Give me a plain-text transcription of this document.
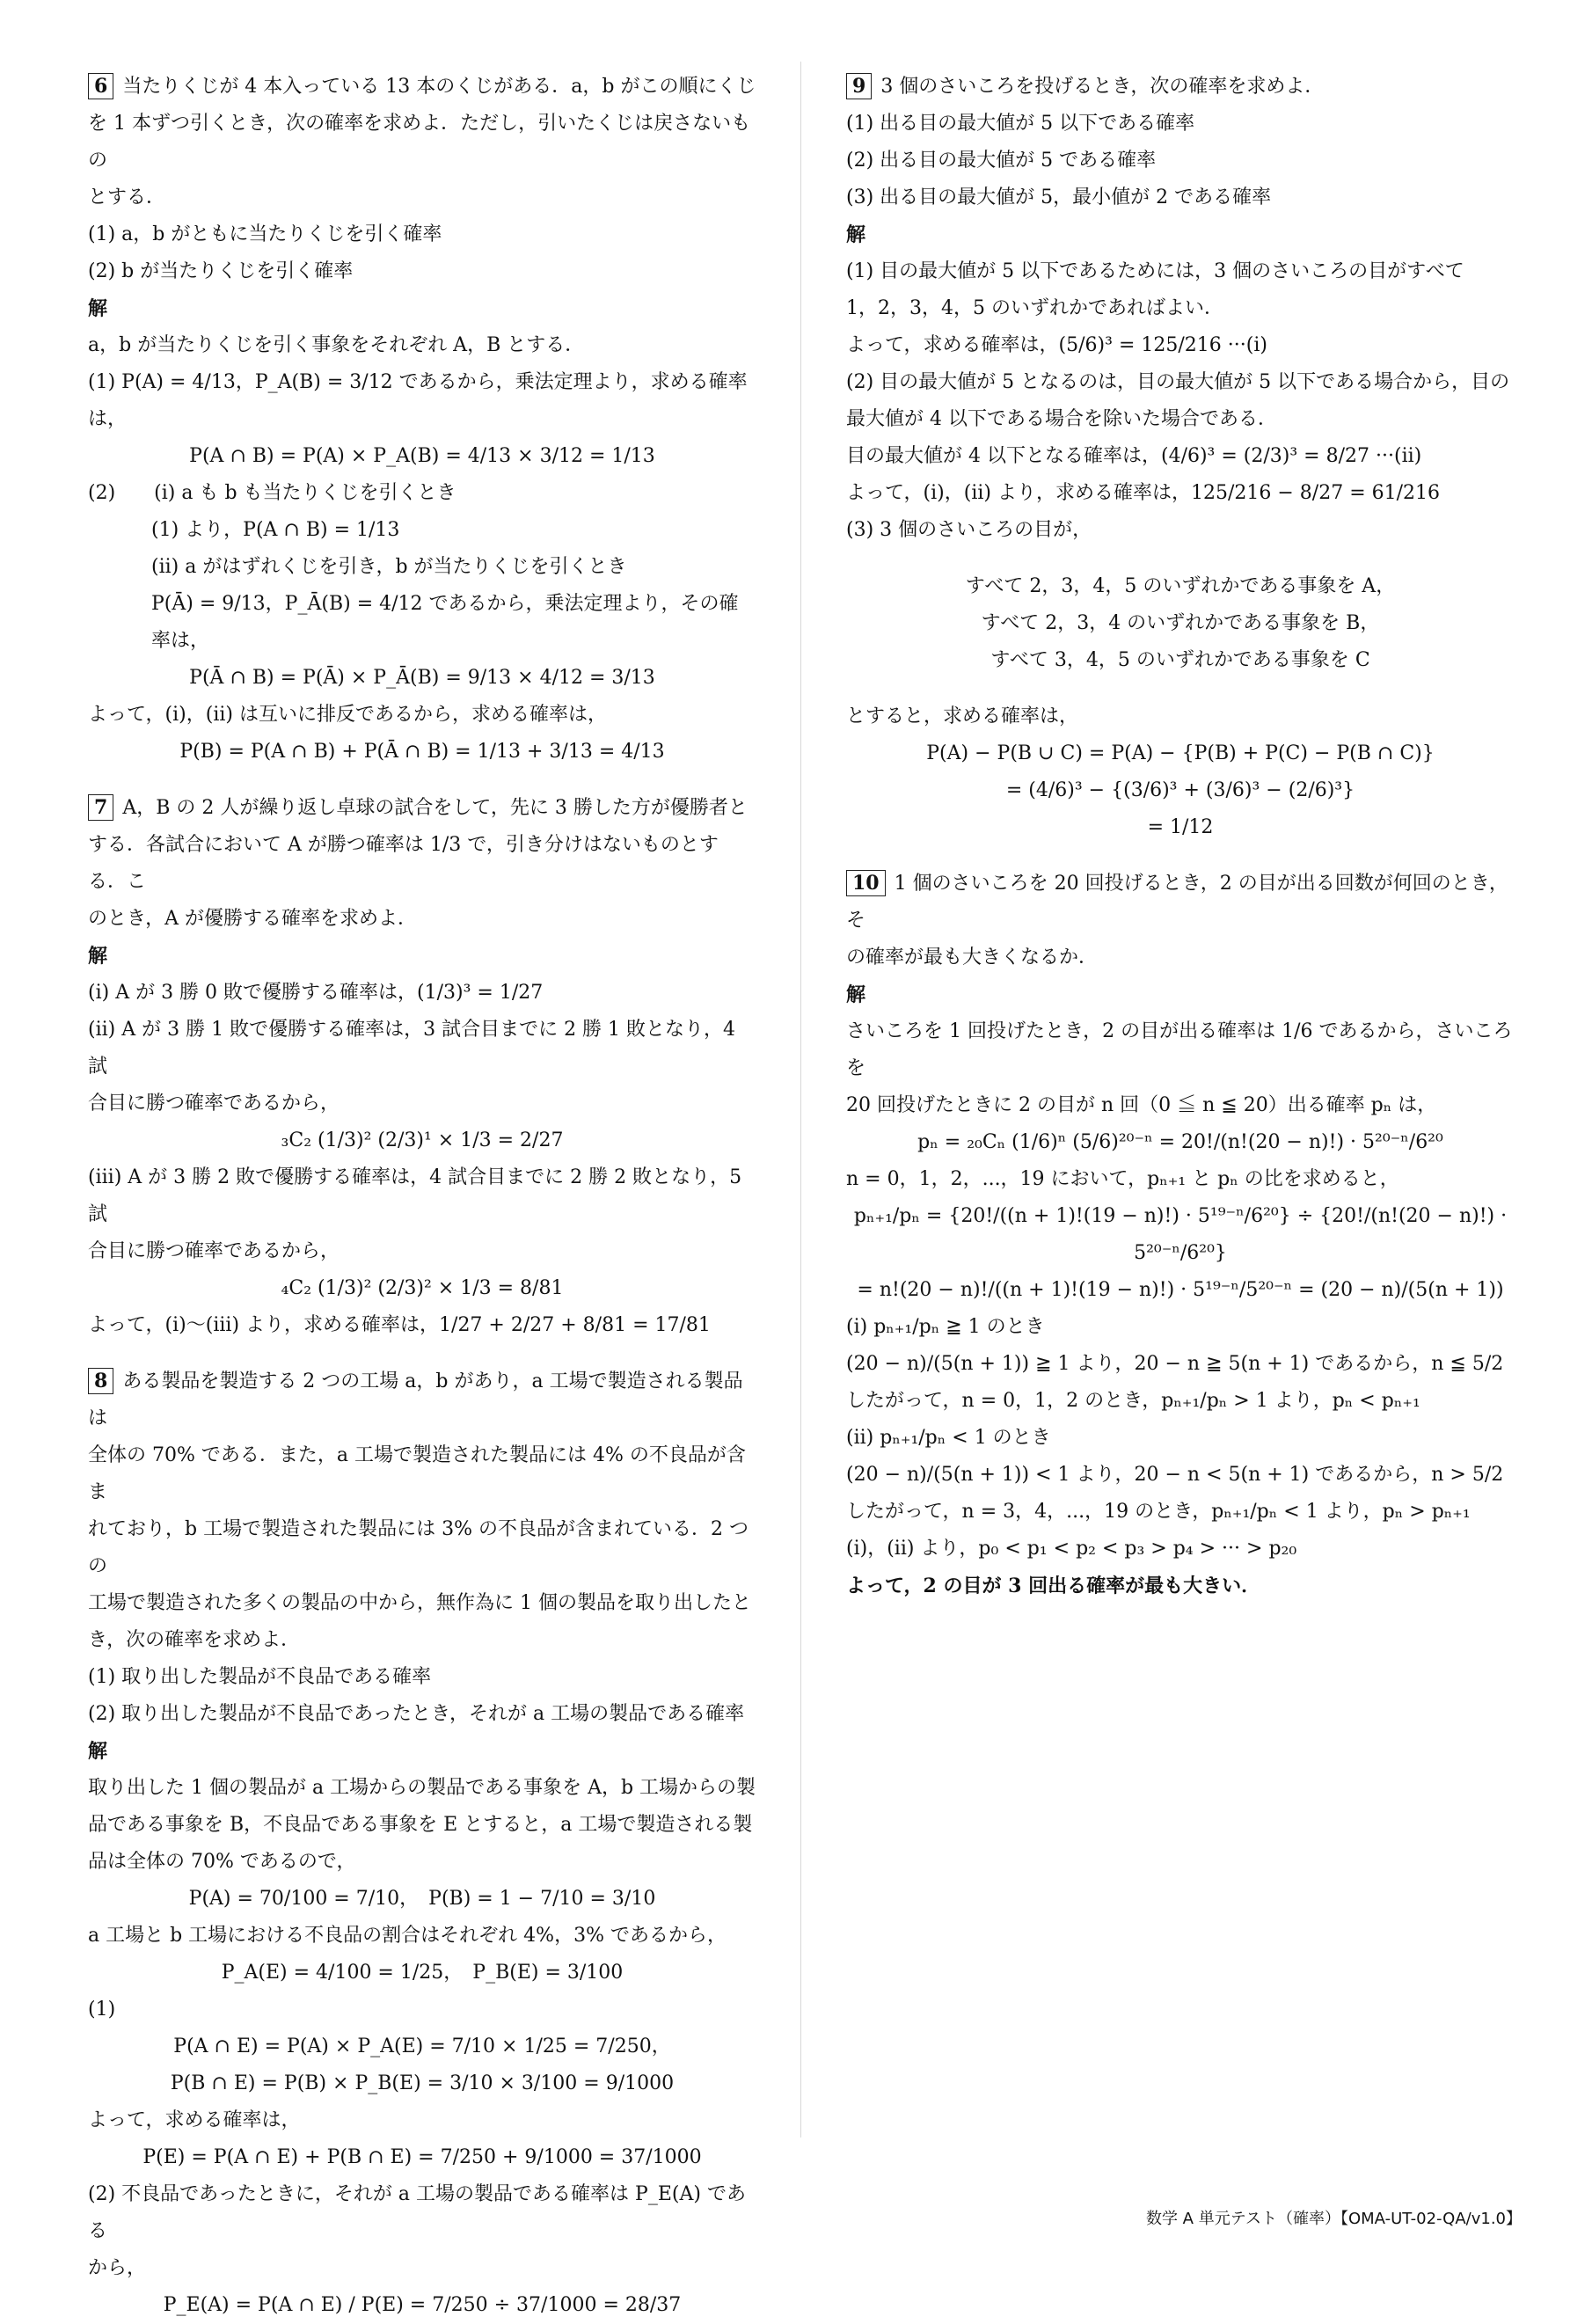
6 当たりくじが 4 本入っている 13 本のくじがある．a，b がこの順にくじ

を 1 本ずつ引くとき，次の確率を求めよ．ただし，引いたくじは戻さないもの

とする．

(1) a，b がともに当たりくじを引く確率

(2) b が当たりくじを引く確率

解

a，b が当たりくじを引く事象をそれぞれ A，B とする．

(1) P(A) = 4/13，P_A(B) = 3/12 であるから，乗法定理より，求める確率は，

P(A ∩ B) = P(A) × P_A(B) = 4/13 × 3/12 = 1/13

(2)　　(i) a も b も当たりくじを引くとき

(1) より，P(A ∩ B) = 1/13

(ii) a がはずれくじを引き，b が当たりくじを引くとき

P(Ā) = 9/13，P_Ā(B) = 4/12 であるから，乗法定理より，その確

率は，

P(Ā ∩ B) = P(Ā) × P_Ā(B) = 9/13 × 4/12 = 3/13

よって，(i)，(ii) は互いに排反であるから，求める確率は，

P(B) = P(A ∩ B) + P(Ā ∩ B) = 1/13 + 3/13 = 4/13

7 A，B の 2 人が繰り返し卓球の試合をして，先に 3 勝した方が優勝者と

する．各試合において A が勝つ確率は 1/3 で，引き分けはないものとする．こ

のとき，A が優勝する確率を求めよ．

解

(i) A が 3 勝 0 敗で優勝する確率は，(1/3)³ = 1/27

(ii) A が 3 勝 1 敗で優勝する確率は，3 試合目までに 2 勝 1 敗となり，4 試

合目に勝つ確率であるから，

₃C₂ (1/3)² (2/3)¹ × 1/3 = 2/27

(iii) A が 3 勝 2 敗で優勝する確率は，4 試合目までに 2 勝 2 敗となり，5 試

合目に勝つ確率であるから，

₄C₂ (1/3)² (2/3)² × 1/3 = 8/81

よって，(i)〜(iii) より，求める確率は，1/27 + 2/27 + 8/81 = 17/81

8 ある製品を製造する 2 つの工場 a，b があり，a 工場で製造される製品は

全体の 70% である．また，a 工場で製造された製品には 4% の不良品が含ま

れており，b 工場で製造された製品には 3% の不良品が含まれている．2 つの

工場で製造された多くの製品の中から，無作為に 1 個の製品を取り出したと

き，次の確率を求めよ．

(1) 取り出した製品が不良品である確率

(2) 取り出した製品が不良品であったとき，それが a 工場の製品である確率

解

取り出した 1 個の製品が a 工場からの製品である事象を A，b 工場からの製

品である事象を B，不良品である事象を E とすると，a 工場で製造される製

品は全体の 70% であるので，

P(A) = 70/100 = 7/10，　P(B) = 1 − 7/10 = 3/10

a 工場と b 工場における不良品の割合はそれぞれ 4%，3% であるから，

P_A(E) = 4/100 = 1/25，　P_B(E) = 3/100

(1)

P(A ∩ E) = P(A) × P_A(E) = 7/10 × 1/25 = 7/250，

P(B ∩ E) = P(B) × P_B(E) = 3/10 × 3/100 = 9/1000

よって，求める確率は，

P(E) = P(A ∩ E) + P(B ∩ E) = 7/250 + 9/1000 = 37/1000

(2) 不良品であったときに，それが a 工場の製品である確率は P_E(A) である

から，

P_E(A) = P(A ∩ E) / P(E) = 7/250 ÷ 37/1000 = 28/37

9 3 個のさいころを投げるとき，次の確率を求めよ．

(1) 出る目の最大値が 5 以下である確率

(2) 出る目の最大値が 5 である確率

(3) 出る目の最大値が 5，最小値が 2 である確率

解

(1) 目の最大値が 5 以下であるためには，3 個のさいころの目がすべて

1，2，3，4，5 のいずれかであればよい．

よって，求める確率は，(5/6)³ = 125/216 ···(i)

(2) 目の最大値が 5 となるのは，目の最大値が 5 以下である場合から，目の

最大値が 4 以下である場合を除いた場合である．

目の最大値が 4 以下となる確率は，(4/6)³ = (2/3)³ = 8/27 ···(ii)

よって，(i)，(ii) より，求める確率は，125/216 − 8/27 = 61/216

(3) 3 個のさいころの目が，

すべて 2，3，4，5 のいずれかである事象を A，

すべて 2，3，4 のいずれかである事象を B，

すべて 3，4，5 のいずれかである事象を C

とすると，求める確率は，

P(A) − P(B ∪ C) = P(A) − {P(B) + P(C) − P(B ∩ C)}

= (4/6)³ − {(3/6)³ + (3/6)³ − (2/6)³}

= 1/12

10 1 個のさいころを 20 回投げるとき，2 の目が出る回数が何回のとき，そ

の確率が最も大きくなるか．

解

さいころを 1 回投げたとき，2 の目が出る確率は 1/6 であるから，さいころを

20 回投げたときに 2 の目が n 回（0 ≦ n ≦ 20）出る確率 pₙ は，

pₙ = ₂₀Cₙ (1/6)ⁿ (5/6)²⁰⁻ⁿ = 20!/(n!(20 − n)!) · 5²⁰⁻ⁿ/6²⁰

n = 0，1，2，...，19 において，pₙ₊₁ と pₙ の比を求めると，

pₙ₊₁/pₙ = {20!/((n + 1)!(19 − n)!) · 5¹⁹⁻ⁿ/6²⁰} ÷ {20!/(n!(20 − n)!) · 5²⁰⁻ⁿ/6²⁰}

= n!(20 − n)!/((n + 1)!(19 − n)!) · 5¹⁹⁻ⁿ/5²⁰⁻ⁿ = (20 − n)/(5(n + 1))

(i) pₙ₊₁/pₙ ≧ 1 のとき

(20 − n)/(5(n + 1)) ≧ 1 より，20 − n ≧ 5(n + 1) であるから，n ≦ 5/2

したがって，n = 0，1，2 のとき，pₙ₊₁/pₙ > 1 より，pₙ < pₙ₊₁

(ii) pₙ₊₁/pₙ < 1 のとき

(20 − n)/(5(n + 1)) < 1 より，20 − n < 5(n + 1) であるから，n > 5/2

したがって，n = 3，4，...，19 のとき，pₙ₊₁/pₙ < 1 より，pₙ > pₙ₊₁

(i)，(ii) より，p₀ < p₁ < p₂ < p₃ > p₄ > ··· > p₂₀

よって，2 の目が 3 回出る確率が最も大きい．

数学 A 単元テスト（確率）【OMA-UT-02-QA/v1.0】
